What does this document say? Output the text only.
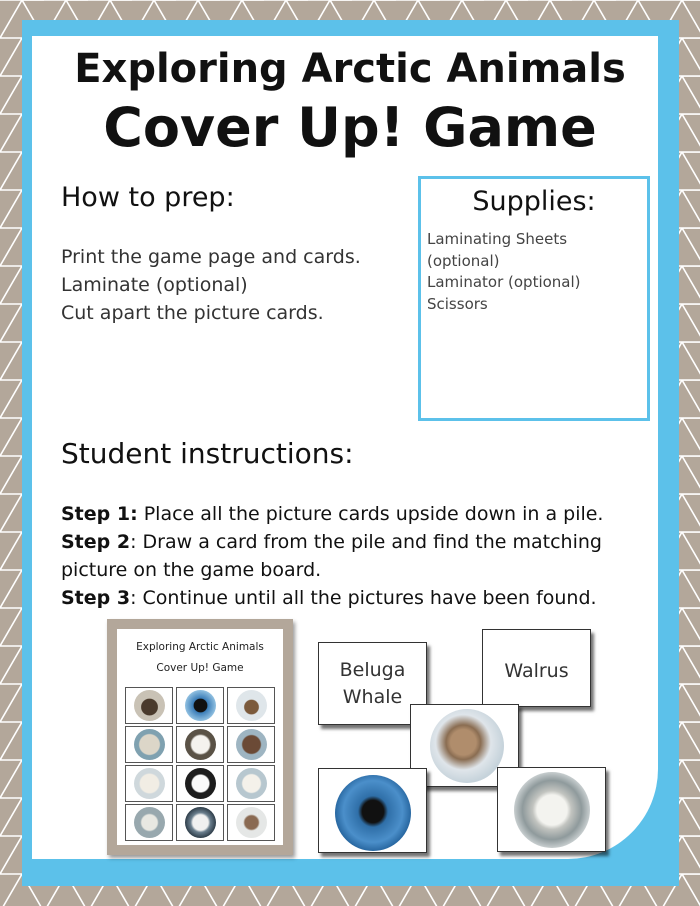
Exploring Arctic Animals
Cover Up! Game
How to prep:
Print the game page and cards.
Laminate (optional)
Cut apart the picture cards.
Supplies:
Laminating Sheets
(optional)
Laminator (optional)
Scissors
Student instructions:
Step 1: Place all the picture cards upside down in a pile.
Step 2: Draw a card from the pile and find the matching picture on the game board.
Step 3: Continue until all the pictures have been found.
Exploring Arctic Animals
Cover Up! Game	Beluga
Whale
Walrus
